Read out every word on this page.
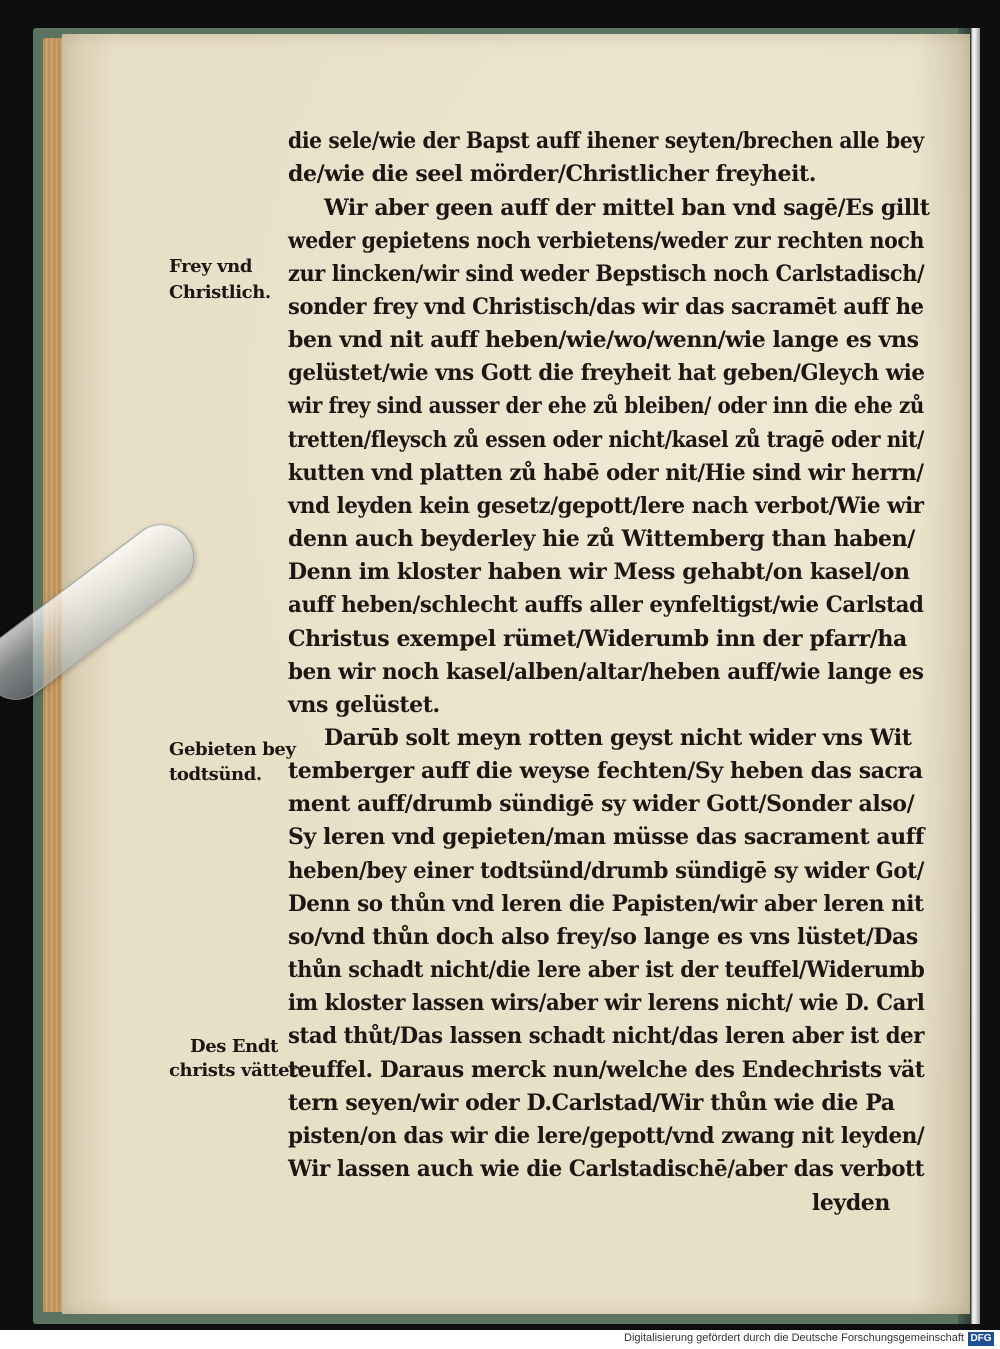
die sele/wie der Bapst auff ihener seyten/brechen alle bey
de/wie die seel mörder/Christlicher freyheit.
Wir aber geen auff der mittel ban vnd sagē/Es gillt
weder gepietens noch verbietens/weder zur rechten noch
zur lincken/wir sind weder Bepstisch noch Carlstadisch/
sonder frey vnd Christisch/das wir das sacramēt auff he
ben vnd nit auff heben/wie/wo/wenn/wie lange es vns
gelüstet/wie vns Gott die freyheit hat geben/Gleych wie
wir frey sind ausser der ehe zů bleiben/ oder inn die ehe zů
tretten/fleysch zů essen oder nicht/kasel zů tragē oder nit/
kutten vnd platten zů habē oder nit/Hie sind wir herrn/
vnd leyden kein gesetz/gepott/lere nach verbot/Wie wir
denn auch beyderley hie zů Wittemberg than haben/
Denn im kloster haben wir Mess gehabt/on kasel/on
auff heben/schlecht auffs aller eynfeltigst/wie Carlstad
Christus exempel rümet/Widerumb inn der pfarr/ha
ben wir noch kasel/alben/altar/heben auff/wie lange es
vns gelüstet.
Darūb solt meyn rotten geyst nicht wider vns Wit
temberger auff die weyse fechten/Sy heben das sacra
ment auff/drumb sündigē sy wider Gott/Sonder also/
Sy leren vnd gepieten/man müsse das sacrament auff
heben/bey einer todtsünd/drumb sündigē sy wider Got/
Denn so thůn vnd leren die Papisten/wir aber leren nit
so/vnd thůn doch also frey/so lange es vns lüstet/Das
thůn schadt nicht/die lere aber ist der teuffel/Widerumb
im kloster lassen wirs/aber wir lerens nicht/ wie D. Carl
stad thůt/Das lassen schadt nicht/das leren aber ist der
teuffel. Daraus merck nun/welche des Endechrists vät
tern seyen/wir oder D.Carlstad/Wir thůn wie die Pa
pisten/on das wir die lere/gepott/vnd zwang nit leyden/
Wir lassen auch wie die Carlstadischē/aber das verbott
leyden
Frey vnd
Christlich.
Gebieten bey
todtsünd.
Des Endt
christs vätter
Digitalisierung gefördert durch die Deutsche Forschungsgemeinschaft DFG
